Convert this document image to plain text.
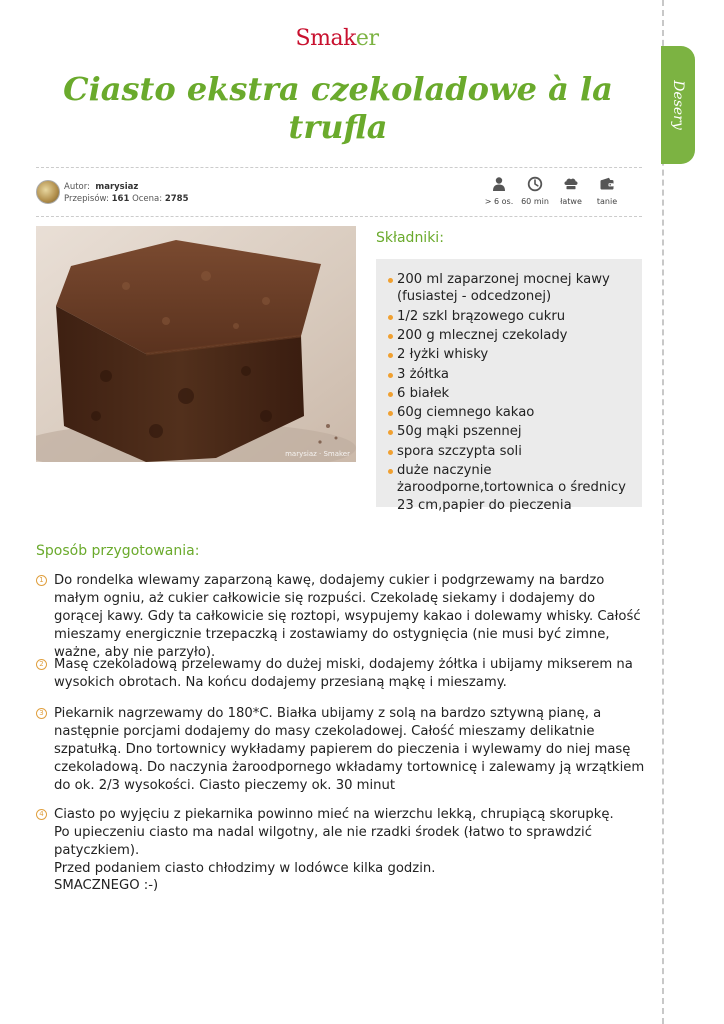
Desery
Smaker
Ciasto ekstra czekoladowe à la trufla
Autor: marysiaz
Przepisów: 161 Ocena: 2785	> 6 os. 60 min łatwe tanie
marysiaz · Smaker
Składniki:
200 ml zaparzonej mocnej kawy (fusiastej - odcedzonej)
1/2 szkl brązowego cukru
200 g mlecznej czekolady
2 łyżki whisky
3 żółtka
6 białek
60g ciemnego kakao
50g mąki pszennej
spora szczypta soli
duże naczynie żaroodporne,tortownica o średnicy 23 cm,papier do pieczenia
Sposób przygotowania:
1 Do rondelka wlewamy zaparzoną kawę, dodajemy cukier i podgrzewamy na bardzo małym ogniu, aż cukier całkowicie się rozpuści. Czekoladę siekamy i dodajemy do gorącej kawy. Gdy ta całkowicie się roztopi, wsypujemy kakao i dolewamy whisky. Całość mieszamy energicznie trzepaczką i zostawiamy do ostygnięcia (nie musi być zimne, ważne, aby nie parzyło).

2 Masę czekoladową przelewamy do dużej miski, dodajemy żółtka i ubijamy mikserem na wysokich obrotach. Na końcu dodajemy przesianą mąkę i mieszamy.

3 Piekarnik nagrzewamy do 180*C. Białka ubijamy z solą na bardzo sztywną pianę, a następnie porcjami dodajemy do masy czekoladowej. Całość mieszamy delikatnie szpatułką. Dno tortownicy wykładamy papierem do pieczenia i wylewamy do niej masę czekoladową. Do naczynia żaroodpornego wkładamy tortownicę i zalewamy ją wrzątkiem do ok. 2/3 wysokości. Ciasto pieczemy ok. 30 minut

4 Ciasto po wyjęciu z piekarnika powinno mieć na wierzchu lekką, chrupiącą skorupkę.

Po upieczeniu ciasto ma nadal wilgotny, ale nie rzadki środek (łatwo to sprawdzić patyczkiem).

Przed podaniem ciasto chłodzimy w lodówce kilka godzin.

SMACZNEGO :-)
